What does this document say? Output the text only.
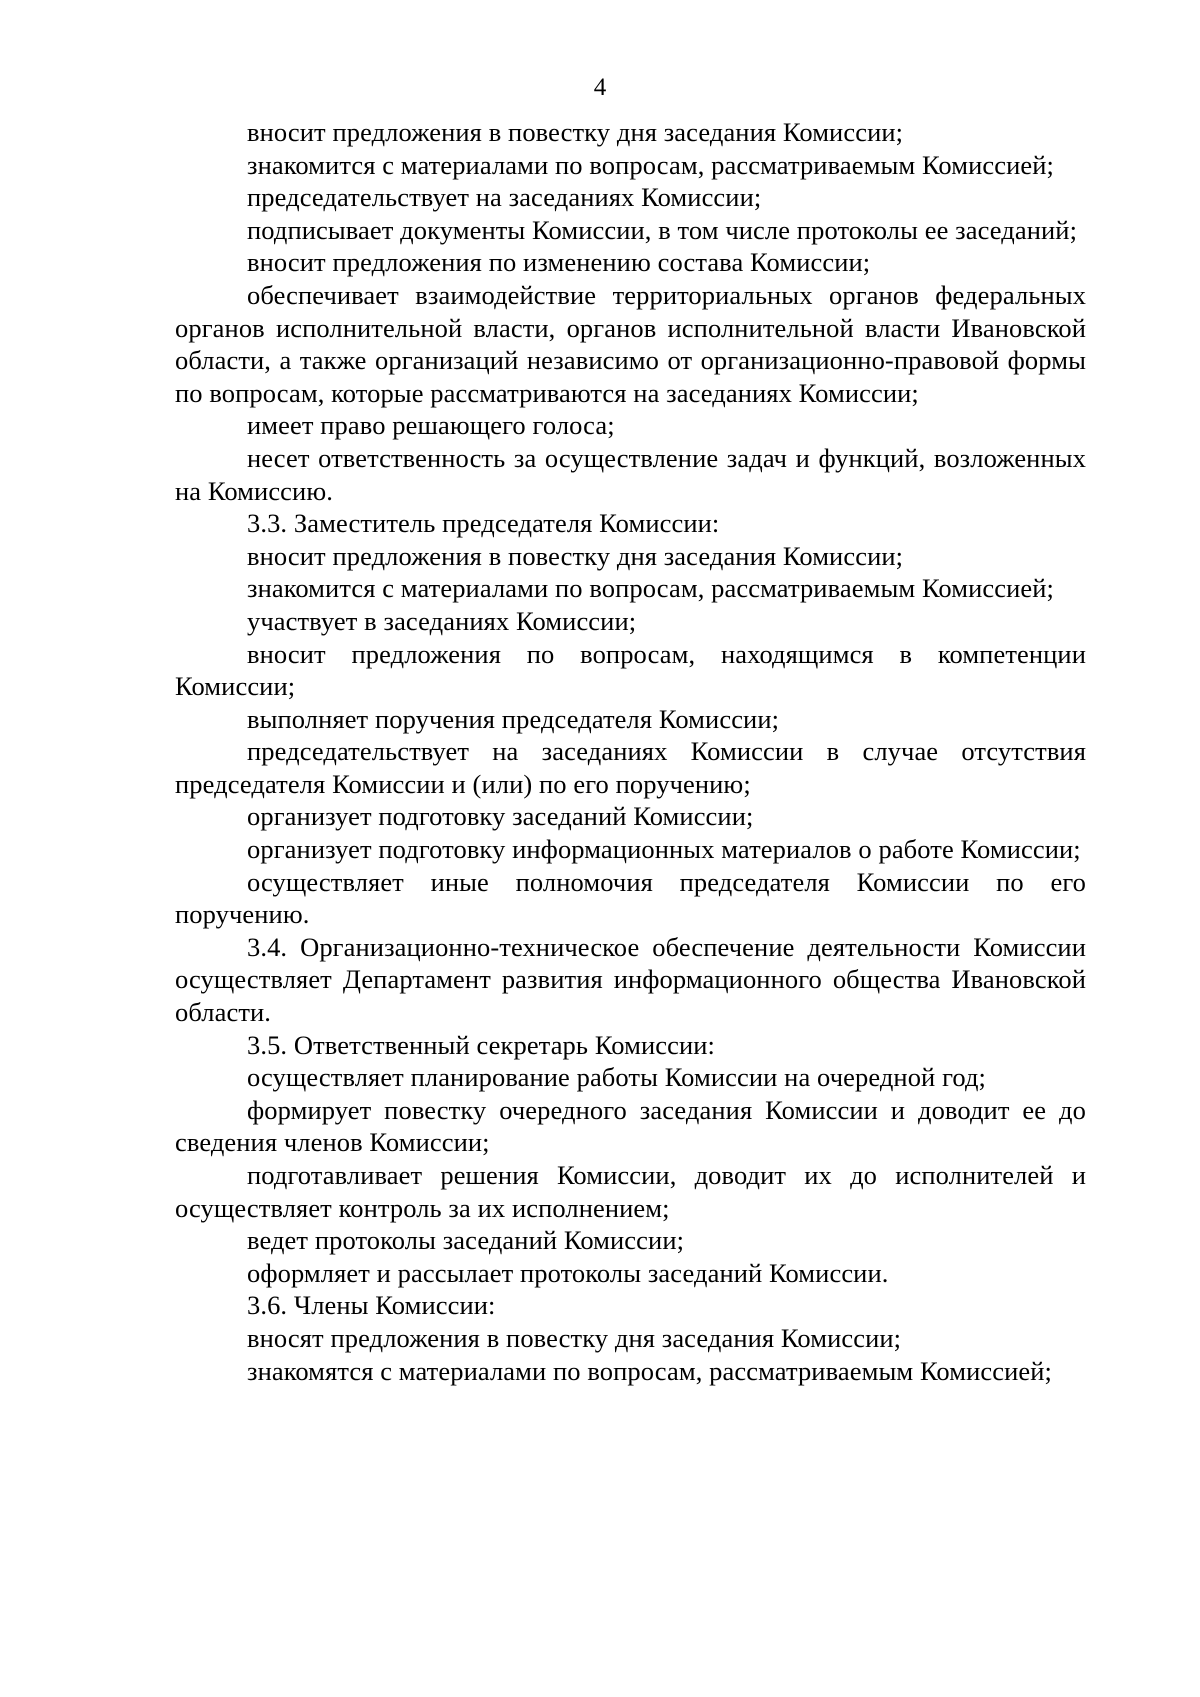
4

вносит предложения в повестку дня заседания Комиссии;

знакомится с материалами по вопросам, рассматриваемым Комиссией;

председательствует на заседаниях Комиссии;

подписывает документы Комиссии, в том числе протоколы ее заседаний;

вносит предложения по изменению состава Комиссии;

обеспечивает взаимодействие территориальных органов федеральных органов исполнительной власти, органов исполнительной власти Ивановской области, а также организаций независимо от организационно-правовой формы по вопросам, которые рассматриваются на заседаниях Комиссии;

имеет право решающего голоса;

несет ответственность за осуществление задач и функций, возложенных на Комиссию.

3.3. Заместитель председателя Комиссии:

вносит предложения в повестку дня заседания Комиссии;

знакомится с материалами по вопросам, рассматриваемым Комиссией;

участвует в заседаниях Комиссии;

вносит предложения по вопросам, находящимся в компетенции Комиссии;

выполняет поручения председателя Комиссии;

председательствует на заседаниях Комиссии в случае отсутствия председателя Комиссии и (или) по его поручению;

организует подготовку заседаний Комиссии;

организует подготовку информационных материалов о работе Комиссии;

осуществляет иные полномочия председателя Комиссии по его поручению.

3.4. Организационно-техническое обеспечение деятельности Комиссии осуществляет Департамент развития информационного общества Ивановской области.

3.5. Ответственный секретарь Комиссии:

осуществляет планирование работы Комиссии на очередной год;

формирует повестку очередного заседания Комиссии и доводит ее до сведения членов Комиссии;

подготавливает решения Комиссии, доводит их до исполнителей и осуществляет контроль за их исполнением;

ведет протоколы заседаний Комиссии;

оформляет и рассылает протоколы заседаний Комиссии.

3.6. Члены Комиссии:

вносят предложения в повестку дня заседания Комиссии;

знакомятся с материалами по вопросам, рассматриваемым Комиссией;
